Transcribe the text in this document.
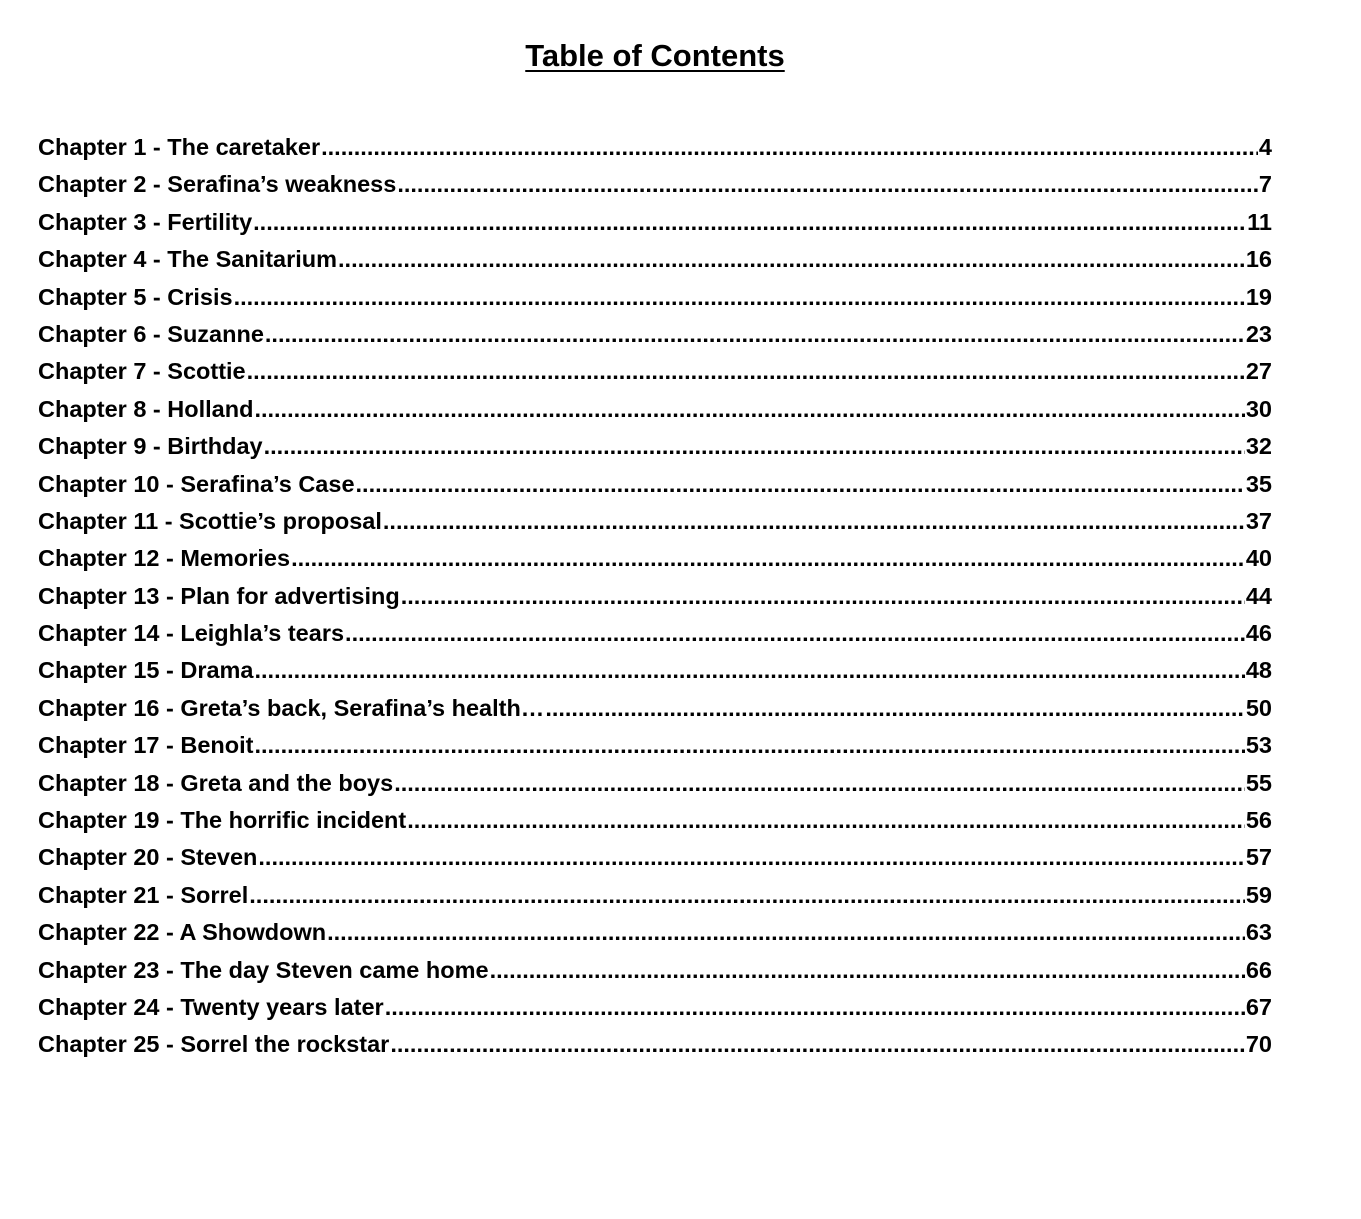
Table of Contents
Chapter 1 - The caretaker .....	4
Chapter 2 - Serafina’s weakness .....	7
Chapter 3 - Fertility .....	11
Chapter 4 - The Sanitarium .....	16
Chapter 5 - Crisis .....	19
Chapter 6 - Suzanne .....	23
Chapter 7 - Scottie .....	27
Chapter 8 - Holland .....	30
Chapter 9 - Birthday .....	32
Chapter 10 - Serafina’s Case .....	35
Chapter 11 - Scottie’s proposal .....	37
Chapter 12 - Memories .....	40
Chapter 13 - Plan for advertising .....	44
Chapter 14 - Leighla’s tears .....	46
Chapter 15 - Drama .....	48
Chapter 16 - Greta’s back, Serafina’s health… .....	50
Chapter 17 - Benoit .....	53
Chapter 18 - Greta and the boys .....	55
Chapter 19 - The horrific incident .....	56
Chapter 20 - Steven .....	57
Chapter 21 - Sorrel .....	59
Chapter 22 - A Showdown .....	63
Chapter 23 - The day Steven came home .....	66
Chapter 24 - Twenty years later .....	67
Chapter 25 - Sorrel the rockstar .....	70
